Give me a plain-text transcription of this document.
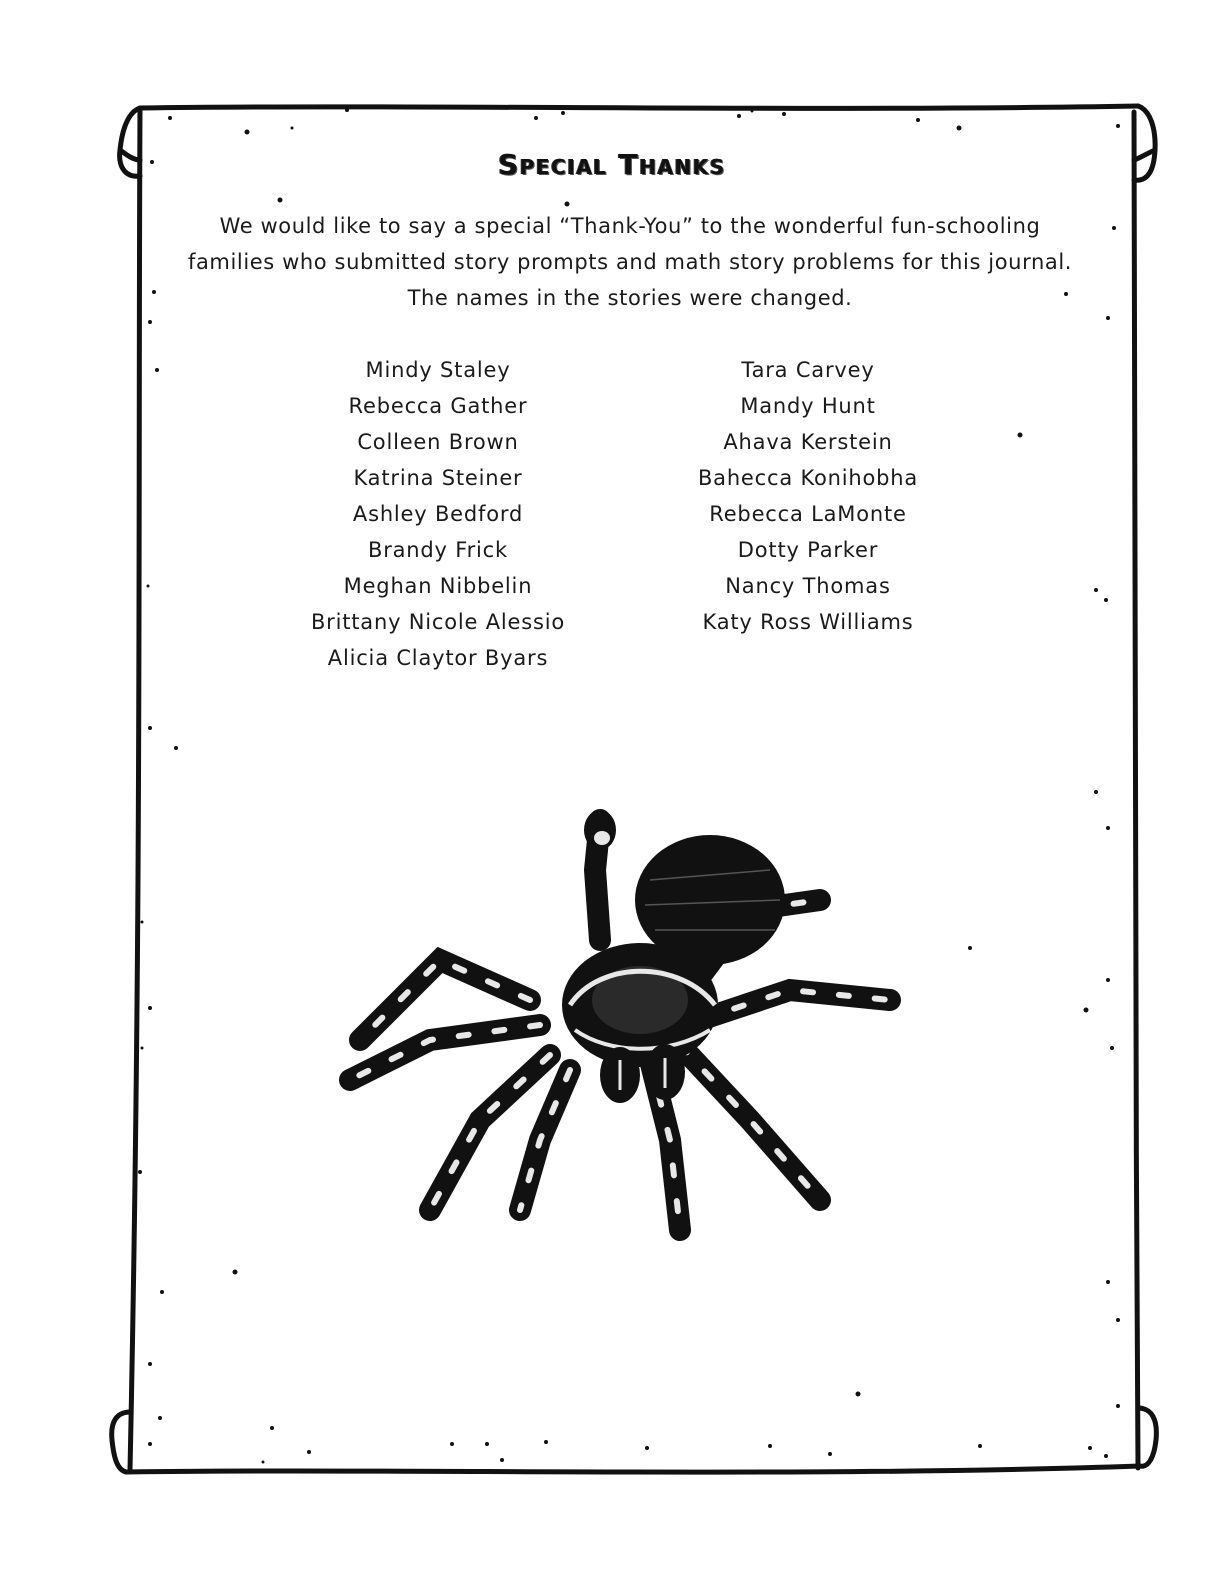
Special Thanks

We would like to say a special “Thank-You” to the wonderful fun-schooling

families who submitted story prompts and math story problems for this journal.

The names in the stories were changed.

Mindy Staley
Rebecca Gather
Colleen Brown
Katrina Steiner
Ashley Bedford
Brandy Frick
Meghan Nibbelin
Brittany Nicole Alessio
Alicia Claytor Byars
Tara Carvey
Mandy Hunt
Ahava Kerstein
Bahecca Konihobha
Rebecca LaMonte
Dotty Parker
Nancy Thomas
Katy Ross Williams
